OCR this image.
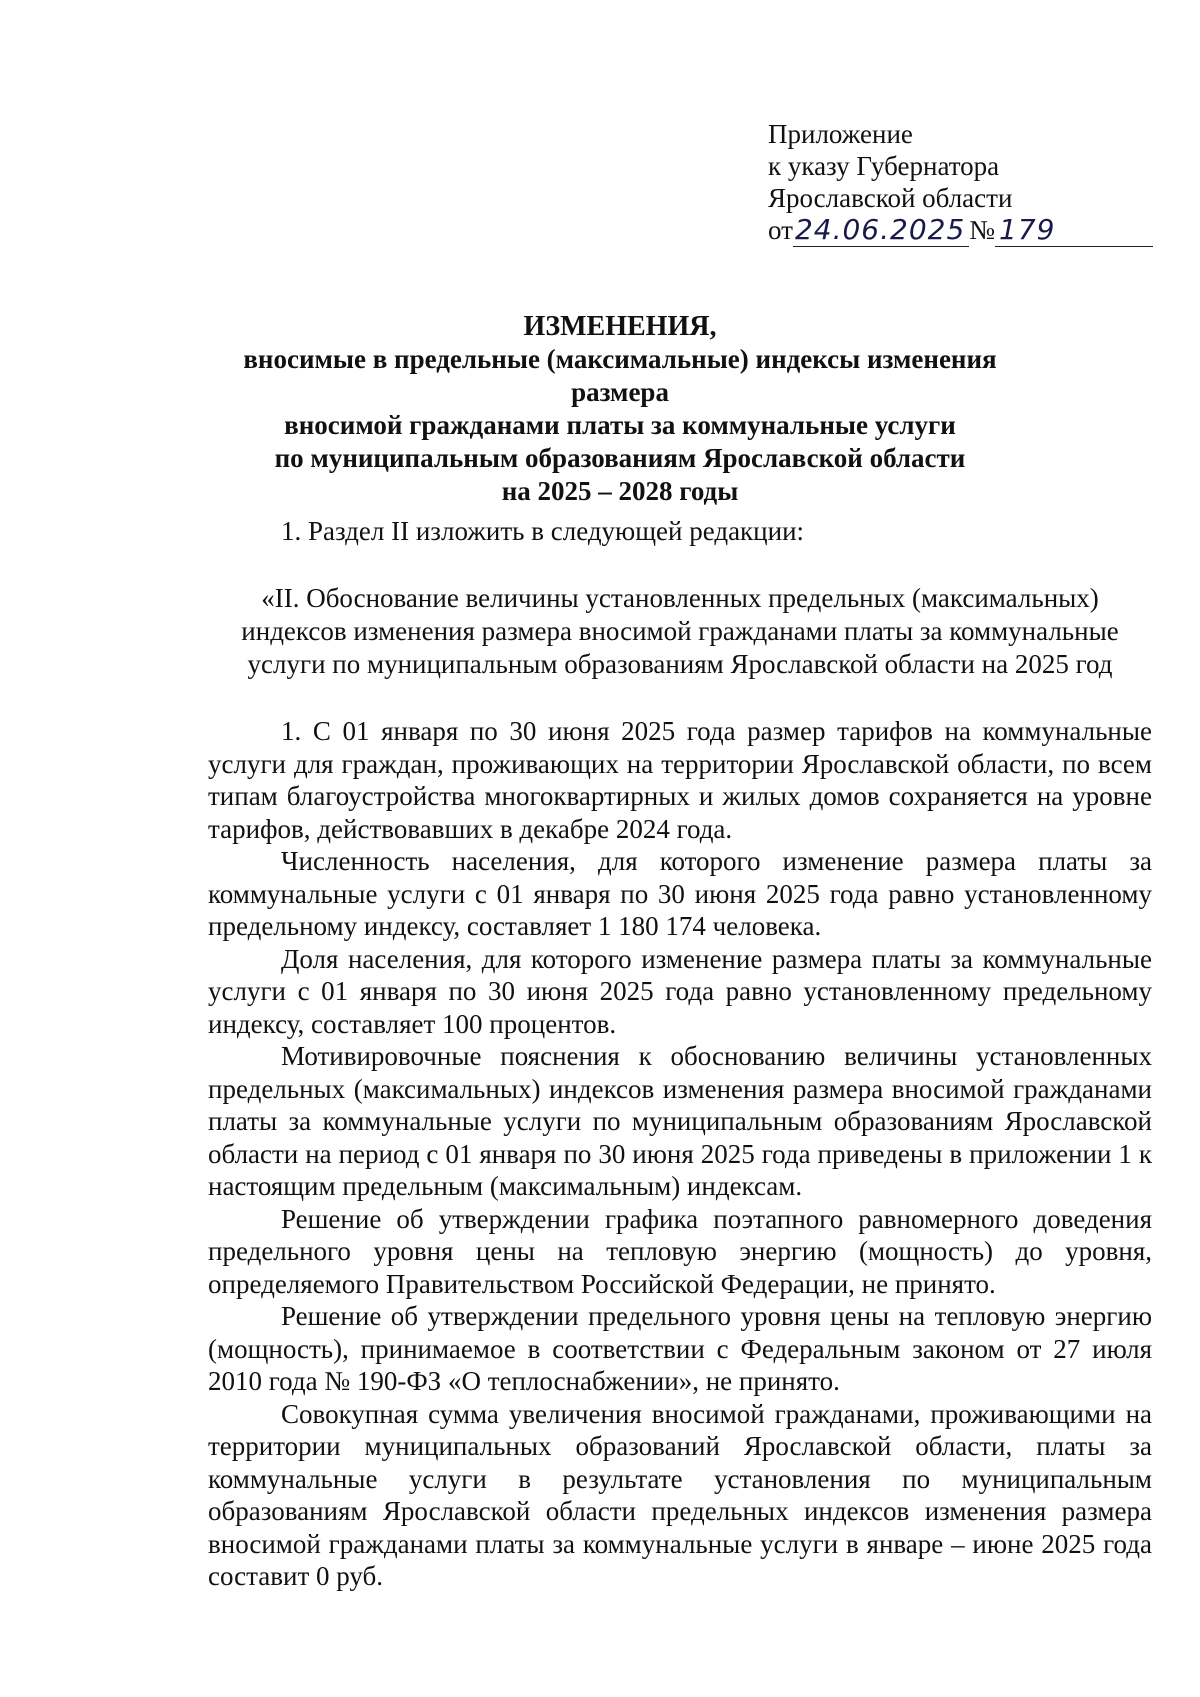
Приложение
к указу Губернатора
Ярославской области
от24.06.2025 № 179
ИЗМЕНЕНИЯ,
вносимые в предельные (максимальные) индексы изменения размера
вносимой гражданами платы за коммунальные услуги
по муниципальным образованиям Ярославской области
на 2025 – 2028 годы
1. Раздел II изложить в следующей редакции:
«II. Обоснование величины установленных предельных (максимальных)
индексов изменения размера вносимой гражданами платы за коммунальные
услуги по муниципальным образованиям Ярославской области на 2025 год

1. С 01 января по 30 июня 2025 года размер тарифов на коммунальные услуги для граждан, проживающих на территории Ярославской области, по всем типам благоустройства многоквартирных и жилых домов сохраняется на уровне тарифов, действовавших в декабре 2024 года.

Численность населения, для которого изменение размера платы за коммунальные услуги с 01 января по 30 июня 2025 года равно установленному предельному индексу, составляет 1 180 174 человека.

Доля населения, для которого изменение размера платы за коммунальные услуги с 01 января по 30 июня 2025 года равно установленному предельному индексу, составляет 100 процентов.

Мотивировочные пояснения к обоснованию величины установленных предельных (максимальных) индексов изменения размера вносимой гражданами платы за коммунальные услуги по муниципальным образованиям Ярославской области на период с 01 января по 30 июня 2025 года приведены в приложении 1 к настоящим предельным (максимальным) индексам.

Решение об утверждении графика поэтапного равномерного доведения предельного уровня цены на тепловую энергию (мощность) до уровня, определяемого Правительством Российской Федерации, не принято.

Решение об утверждении предельного уровня цены на тепловую энергию (мощность), принимаемое в соответствии с Федеральным законом от 27 июля 2010 года № 190-ФЗ «О теплоснабжении», не принято.

Совокупная сумма увеличения вносимой гражданами, проживающими на территории муниципальных образований Ярославской области, платы за коммунальные услуги в результате установления по муниципальным образованиям Ярославской области предельных индексов изменения размера вносимой гражданами платы за коммунальные услуги в январе – июне 2025 года составит 0 руб.
